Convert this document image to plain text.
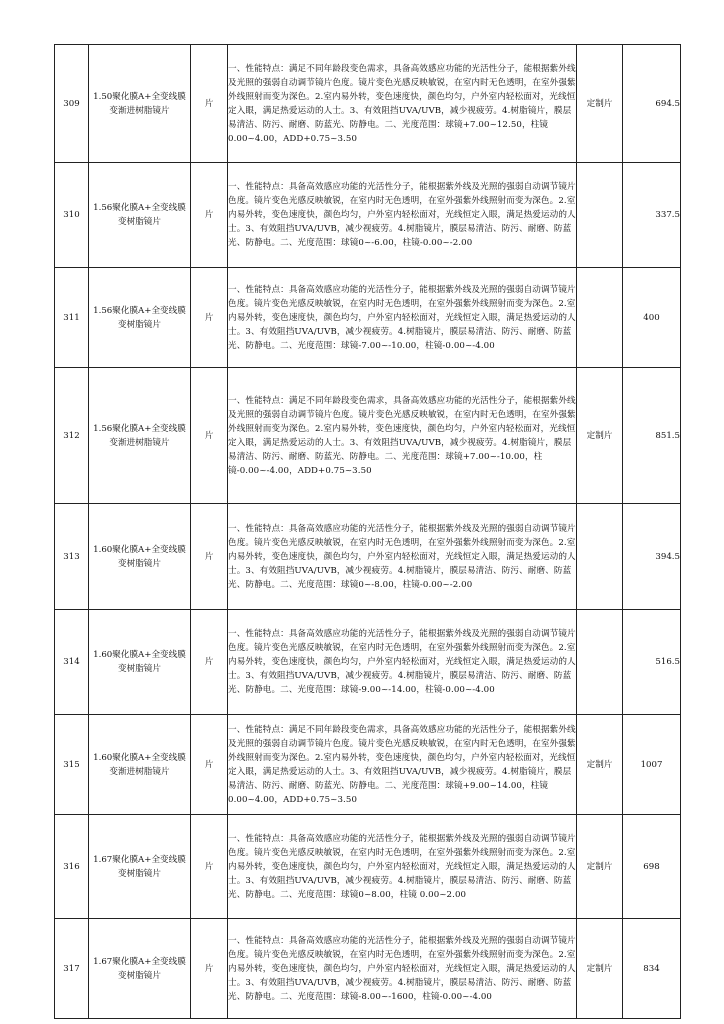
309	1.50聚化膜A+全变线膜变渐进树脂镜片	片	一、性能特点：满足不同年龄段变色需求，具备高效感应功能的光活性分子，能根据紫外线及光照的强弱自动调节镜片色度。镜片变色光感反映敏锐，在室内时无色透明，在室外强紫外线照射而变为深色。2.室内易外转，变色速度快，颜色均匀，户外室内轻松面对，光线恒定入眼，满足热爱运动的人士。3、有效阻挡UVA/UVB，减少视疲劳。4.树脂镜片，膜层易清洁、防污、耐磨、防蓝光、防静电。二、光度范围：球镜+7.00~12.50，柱镜 0.00~4.00，ADD+0.75~3.50	定制片	694.5
310	1.56聚化膜A+全变线膜变树脂镜片	片	一、性能特点：具备高效感应功能的光活性分子，能根据紫外线及光照的强弱自动调节镜片色度。镜片变色光感反映敏锐，在室内时无色透明，在室外强紫外线照射而变为深色。2.室内易外转，变色速度快，颜色均匀，户外室内轻松面对，光线恒定入眼，满足热爱运动的人士。3、有效阻挡UVA/UVB，减少视疲劳。4.树脂镜片，膜层易清洁、防污、耐磨、防蓝光、防静电。二、光度范围：球镜0~-6.00，柱镜-0.00~-2.00		337.5
311	1.56聚化膜A+全变线膜变树脂镜片	片	一、性能特点：具备高效感应功能的光活性分子，能根据紫外线及光照的强弱自动调节镜片色度。镜片变色光感反映敏锐，在室内时无色透明，在室外强紫外线照射而变为深色。2.室内易外转，变色速度快，颜色均匀，户外室内轻松面对，光线恒定入眼，满足热爱运动的人士。3、有效阻挡UVA/UVB，减少视疲劳。4.树脂镜片，膜层易清洁、防污、耐磨、防蓝光、防静电。二、光度范围：球镜-7.00~-10.00，柱镜-0.00~-4.00		400
312	1.56聚化膜A+全变线膜变渐进树脂镜片	片	一、性能特点：满足不同年龄段变色需求，具备高效感应功能的光活性分子，能根据紫外线及光照的强弱自动调节镜片色度。镜片变色光感反映敏锐，在室内时无色透明，在室外强紫外线照射而变为深色。2.室内易外转，变色速度快，颜色均匀，户外室内轻松面对，光线恒定入眼，满足热爱运动的人士。3、有效阻挡UVA/UVB，减少视疲劳。4.树脂镜片，膜层易清洁、防污、耐磨、防蓝光、防静电。二、光度范围：球镜+7.00~-10.00，柱镜-0.00~-4.00，ADD+0.75~3.50	定制片	851.5
313	1.60聚化膜A+全变线膜变树脂镜片	片	一、性能特点：具备高效感应功能的光活性分子，能根据紫外线及光照的强弱自动调节镜片色度。镜片变色光感反映敏锐，在室内时无色透明，在室外强紫外线照射而变为深色。2.室内易外转，变色速度快，颜色均匀，户外室内轻松面对，光线恒定入眼，满足热爱运动的人士。3、有效阻挡UVA/UVB，减少视疲劳。4.树脂镜片，膜层易清洁、防污、耐磨、防蓝光、防静电。二、光度范围：球镜0~-8.00，柱镜-0.00~-2.00		394.5
314	1.60聚化膜A+全变线膜变树脂镜片	片	一、性能特点：具备高效感应功能的光活性分子，能根据紫外线及光照的强弱自动调节镜片色度。镜片变色光感反映敏锐，在室内时无色透明，在室外强紫外线照射而变为深色。2.室内易外转，变色速度快，颜色均匀，户外室内轻松面对，光线恒定入眼，满足热爱运动的人士。3、有效阻挡UVA/UVB，减少视疲劳。4.树脂镜片，膜层易清洁、防污、耐磨、防蓝光、防静电。二、光度范围：球镜-9.00~-14.00，柱镜-0.00~-4.00		516.5
315	1.60聚化膜A+全变线膜变渐进树脂镜片	片	一、性能特点：满足不同年龄段变色需求，具备高效感应功能的光活性分子，能根据紫外线及光照的强弱自动调节镜片色度。镜片变色光感反映敏锐，在室内时无色透明，在室外强紫外线照射而变为深色。2.室内易外转，变色速度快，颜色均匀，户外室内轻松面对，光线恒定入眼，满足热爱运动的人士。3、有效阻挡UVA/UVB，减少视疲劳。4.树脂镜片，膜层易清洁、防污、耐磨、防蓝光、防静电。二、光度范围：球镜+9.00~14.00，柱镜 0.00~4.00，ADD+0.75~3.50	定制片	1007
316	1.67聚化膜A+全变线膜变树脂镜片	片	一、性能特点：具备高效感应功能的光活性分子，能根据紫外线及光照的强弱自动调节镜片色度。镜片变色光感反映敏锐，在室内时无色透明，在室外强紫外线照射而变为深色。2.室内易外转，变色速度快，颜色均匀，户外室内轻松面对，光线恒定入眼，满足热爱运动的人士。3、有效阻挡UVA/UVB，减少视疲劳。4.树脂镜片，膜层易清洁、防污、耐磨、防蓝光、防静电。二、光度范围：球镜0~8.00，柱镜 0.00~2.00	定制片	698
317	1.67聚化膜A+全变线膜变树脂镜片	片	一、性能特点：具备高效感应功能的光活性分子，能根据紫外线及光照的强弱自动调节镜片色度。镜片变色光感反映敏锐，在室内时无色透明，在室外强紫外线照射而变为深色。2.室内易外转，变色速度快，颜色均匀，户外室内轻松面对，光线恒定入眼，满足热爱运动的人士。3、有效阻挡UVA/UVB，减少视疲劳。4.树脂镜片，膜层易清洁、防污、耐磨、防蓝光、防静电。二、光度范围：球镜-8.00~-1600，柱镜-0.00~-4.00	定制片	834
